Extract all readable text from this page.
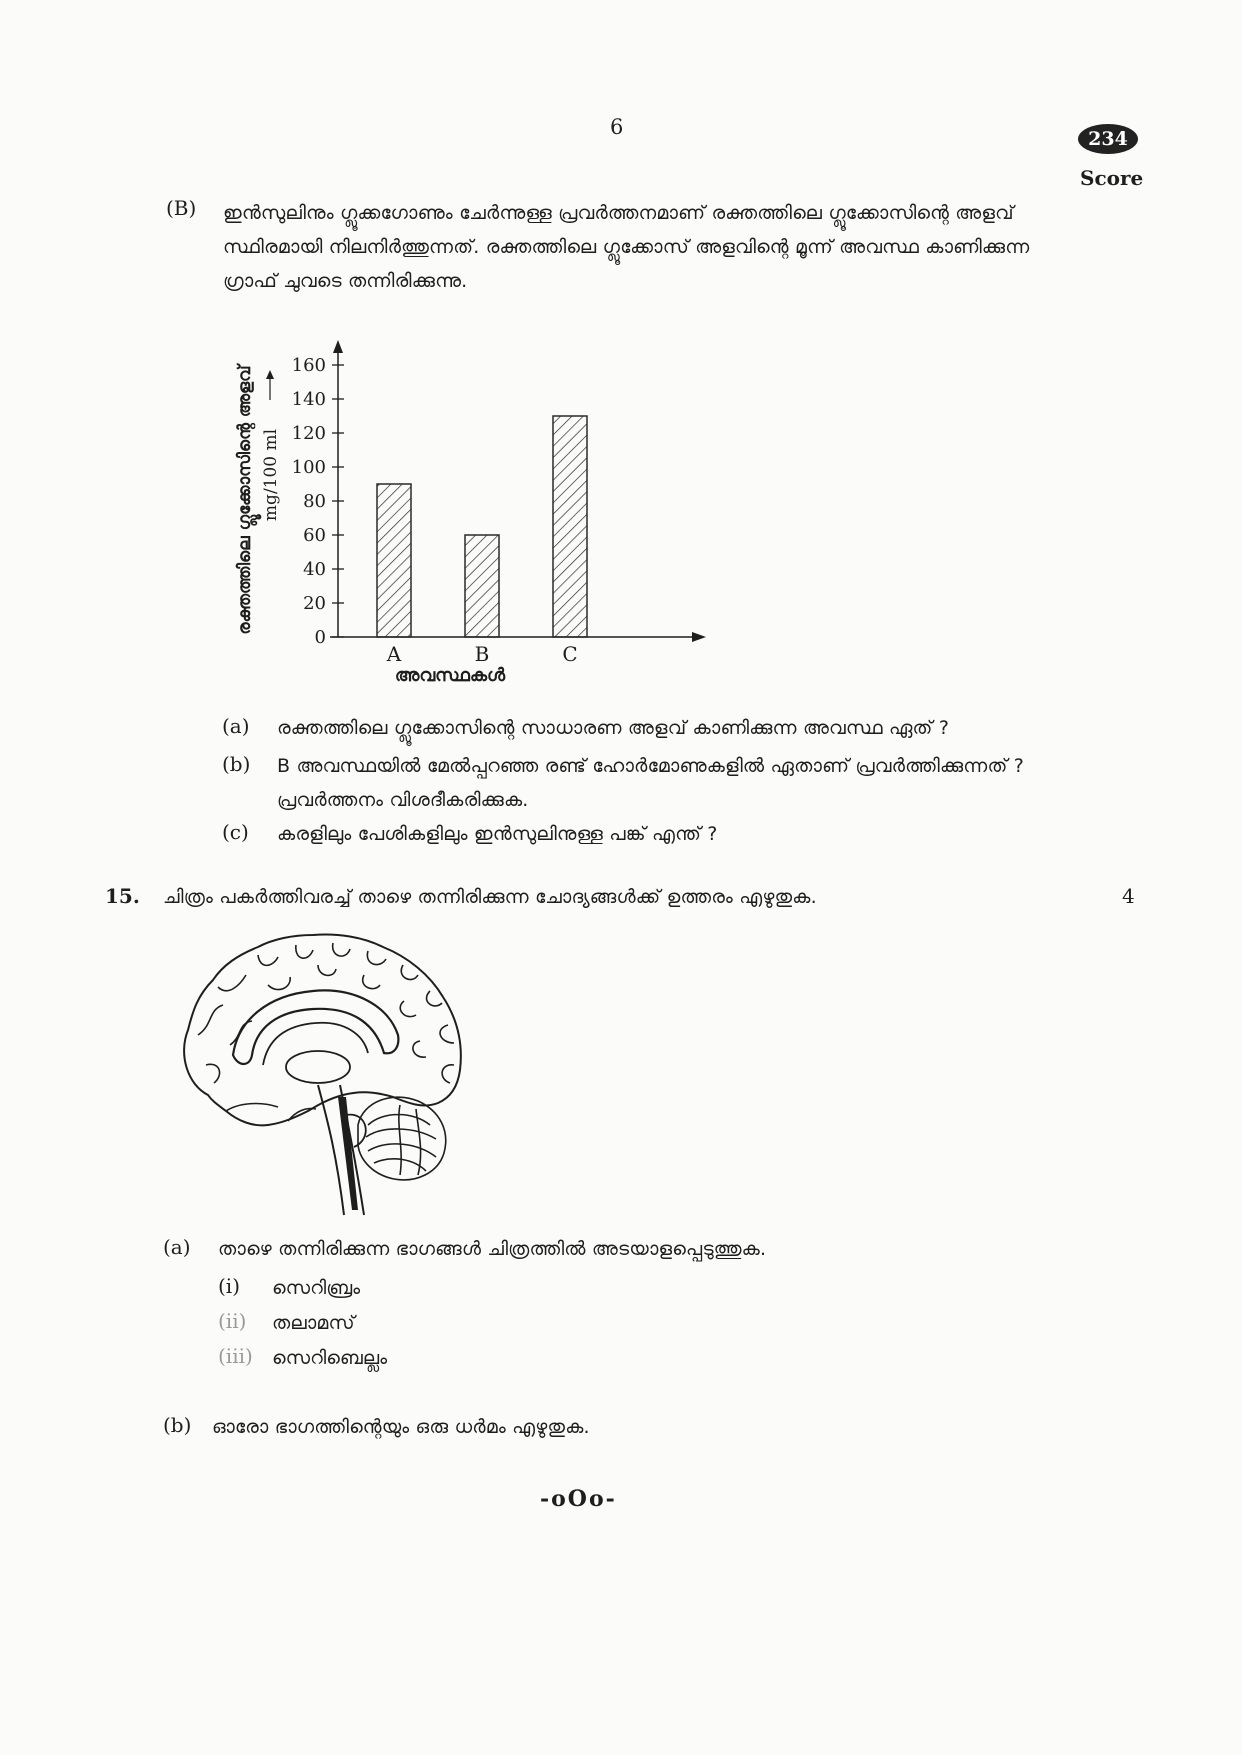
6	234
Score
(B) ഇൻസുലിനും ഗ്ലൂക്കഗോണും ചേർന്നുള്ള പ്രവർത്തനമാണ് രക്തത്തിലെ ഗ്ലൂക്കോസിന്റെ അളവ് സ്ഥിരമായി നിലനിർത്തുന്നത്. രക്തത്തിലെ ഗ്ലൂക്കോസ് അളവിന്റെ മൂന്ന് അവസ്ഥ കാണിക്കുന്ന ഗ്രാഫ് ചുവടെ തന്നിരിക്കുന്നു.
രക്തത്തിലെ ഗ്ലൂക്കോസിന്റെ അളവ് mg/100 ml
0
20
40
60
80
100
120
140
160
A	B	C
അവസ്ഥകൾ
(a) രക്തത്തിലെ ഗ്ലൂക്കോസിന്റെ സാധാരണ അളവ് കാണിക്കുന്ന അവസ്ഥ ഏത് ?
(b) B അവസ്ഥയിൽ മേൽപ്പറഞ്ഞ രണ്ട് ഹോർമോണുകളിൽ ഏതാണ് പ്രവർത്തിക്കുന്നത് ? പ്രവർത്തനം വിശദീകരിക്കുക.
(c) കരളിലും പേശികളിലും ഇൻസുലിനുള്ള പങ്ക് എന്ത് ?
15. ചിത്രം പകർത്തിവരച്ച് താഴെ തന്നിരിക്കുന്ന ചോദ്യങ്ങൾക്ക് ഉത്തരം എഴുതുക.	4
(a) താഴെ തന്നിരിക്കുന്ന ഭാഗങ്ങൾ ചിത്രത്തിൽ അടയാളപ്പെടുത്തുക.
(i) സെറിബ്രം
(ii) തലാമസ്
(iii) സെറിബെല്ലം
(b) ഓരോ ഭാഗത്തിന്റെയും ഒരു ധർമം എഴുതുക.
-oOo-
